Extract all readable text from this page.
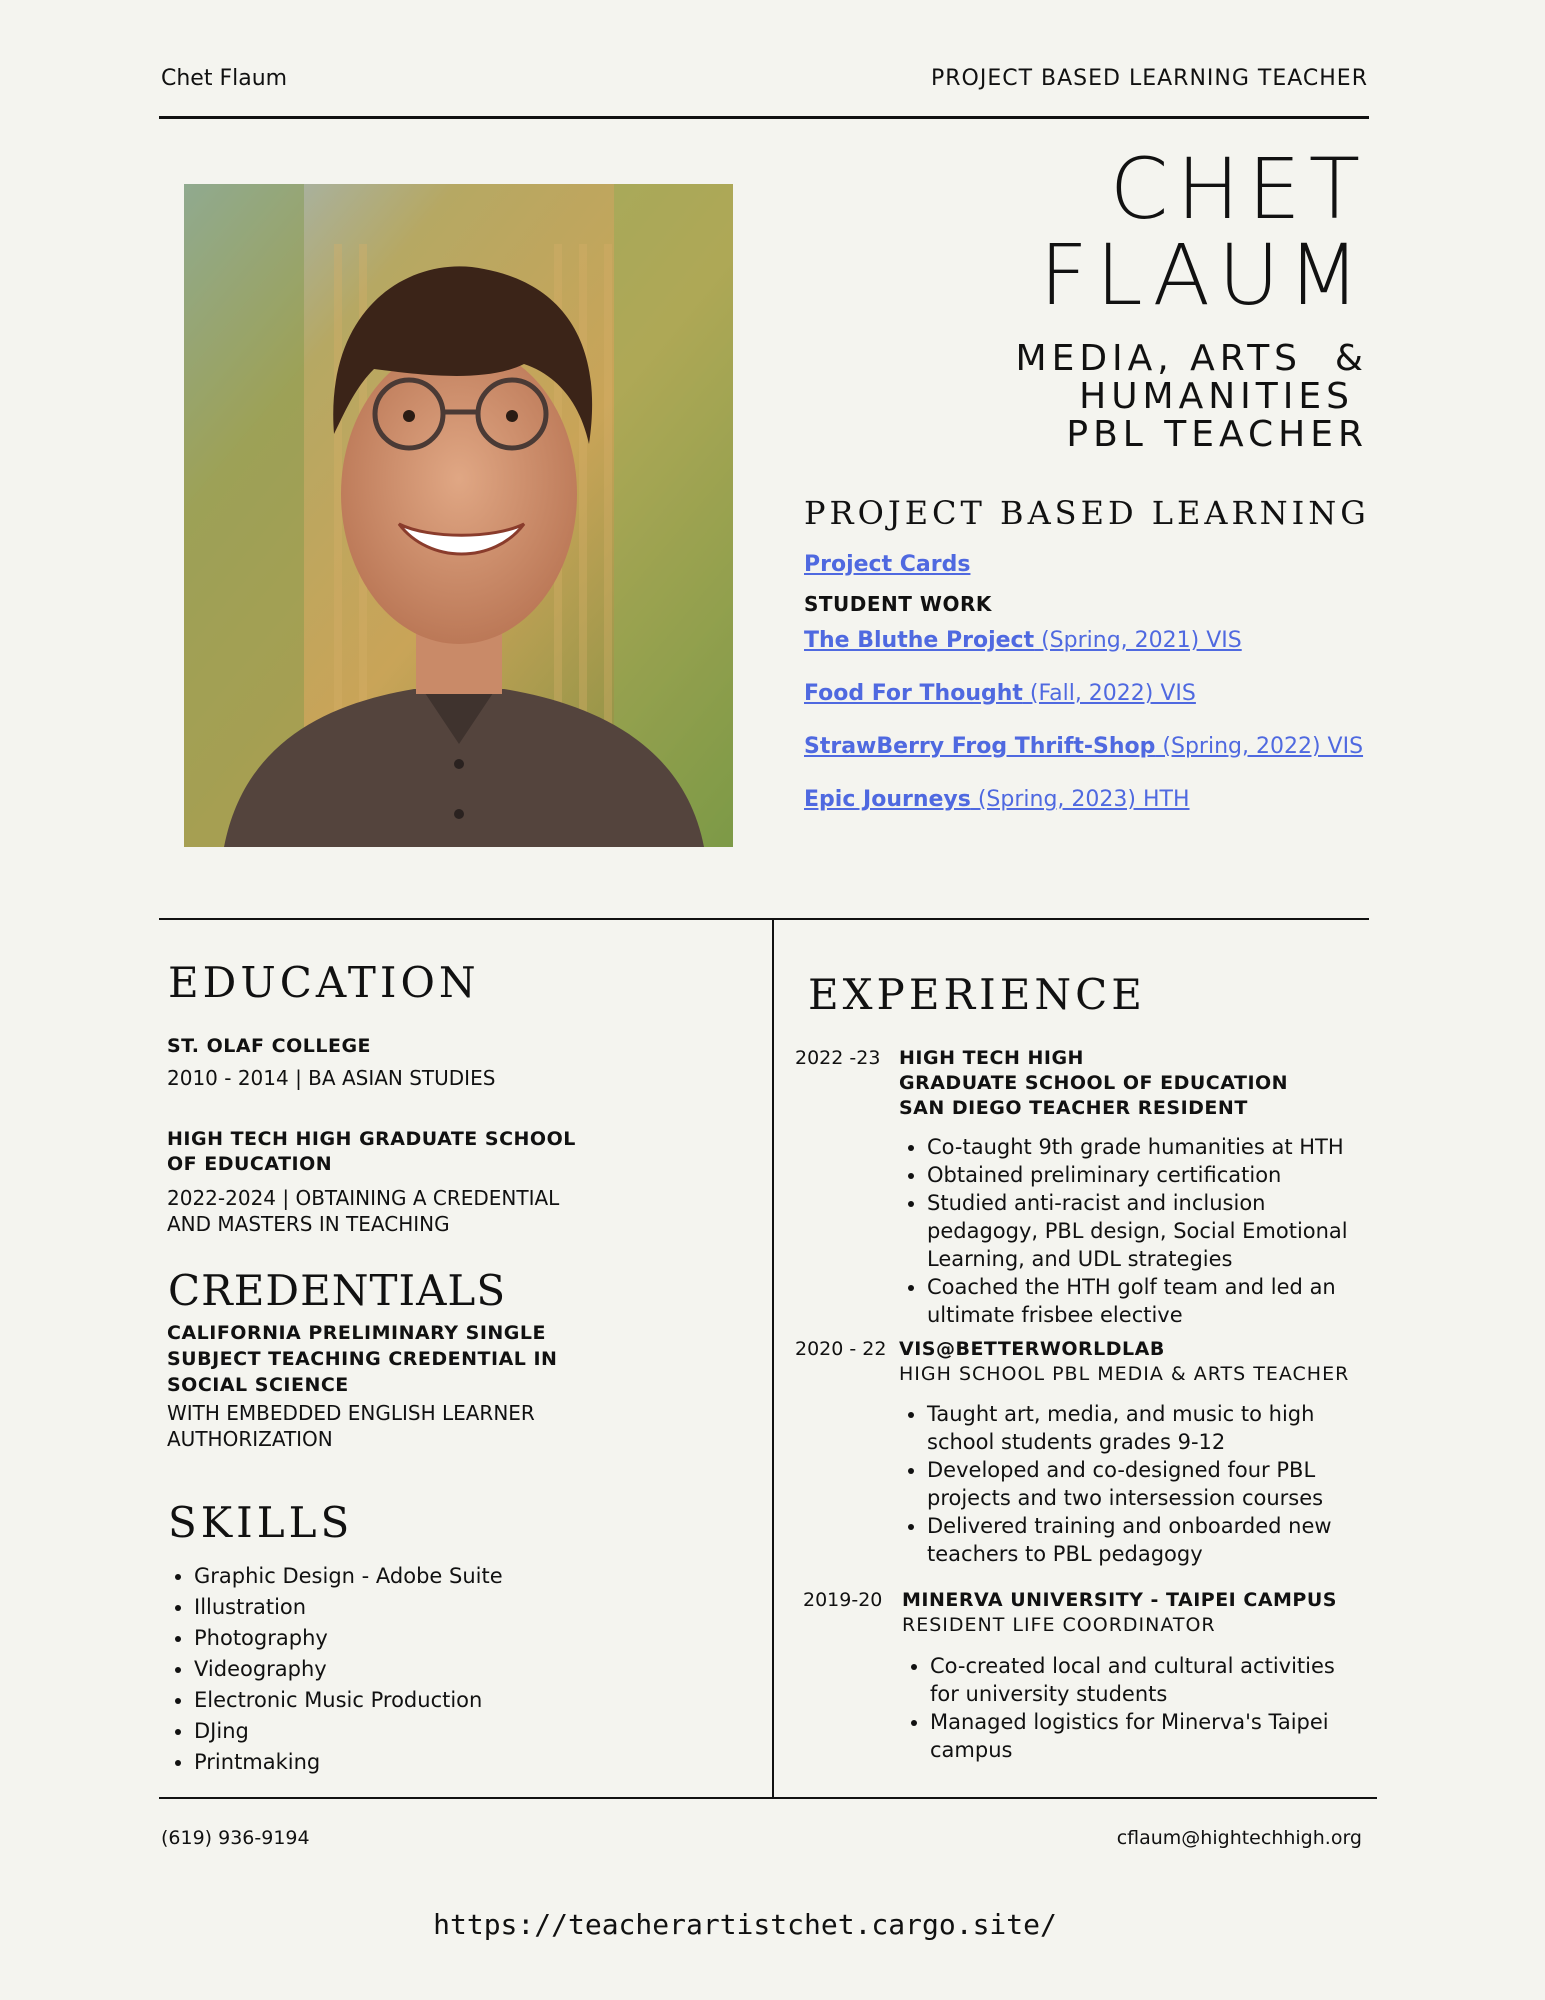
Chet Flaum	PROJECT BASED LEARNING TEACHER
CHET
FLAUM
MEDIA, ARTS  &
HUMANITIES
PBL TEACHER
PROJECT BASED LEARNING
Project Cards
STUDENT WORK
The Bluthe Project (Spring, 2021) VIS
Food For Thought (Fall, 2022) VIS
StrawBerry Frog Thrift-Shop (Spring, 2022) VIS
Epic Journeys (Spring, 2023) HTH
EDUCATION
ST. OLAF COLLEGE
2010 - 2014 | BA ASIAN STUDIES
HIGH TECH HIGH GRADUATE SCHOOL
OF EDUCATION
2022-2024 | OBTAINING A CREDENTIAL
AND MASTERS IN TEACHING
CREDENTIALS
CALIFORNIA PRELIMINARY SINGLE
SUBJECT TEACHING CREDENTIAL IN
SOCIAL SCIENCE
WITH EMBEDDED ENGLISH LEARNER
AUTHORIZATION
SKILLS
• Graphic Design - Adobe Suite
• Illustration
• Photography
• Videography
• Electronic Music Production
• DJing
• Printmaking
EXPERIENCE
2022 -23 HIGH TECH HIGH
GRADUATE SCHOOL OF EDUCATION
SAN DIEGO TEACHER RESIDENT
• Co-taught 9th grade humanities at HTH
• Obtained preliminary certification
• Studied anti-racist and inclusion
pedagogy, PBL design, Social Emotional
Learning, and UDL strategies
• Coached the HTH golf team and led an
ultimate frisbee elective
2020 - 22 VIS@BETTERWORLDLAB
HIGH SCHOOL PBL MEDIA & ARTS TEACHER
• Taught art, media, and music to high
school students grades 9-12
• Developed and co-designed four PBL
projects and two intersession courses
• Delivered training and onboarded new
teachers to PBL pedagogy
2019-20 MINERVA UNIVERSITY - TAIPEI CAMPUS
RESIDENT LIFE COORDINATOR
• Co-created local and cultural activities
for university students
• Managed logistics for Minerva's Taipei
campus
(619) 936-9194	cflaum@hightechhigh.org
https://teacherartistchet.cargo.site/
